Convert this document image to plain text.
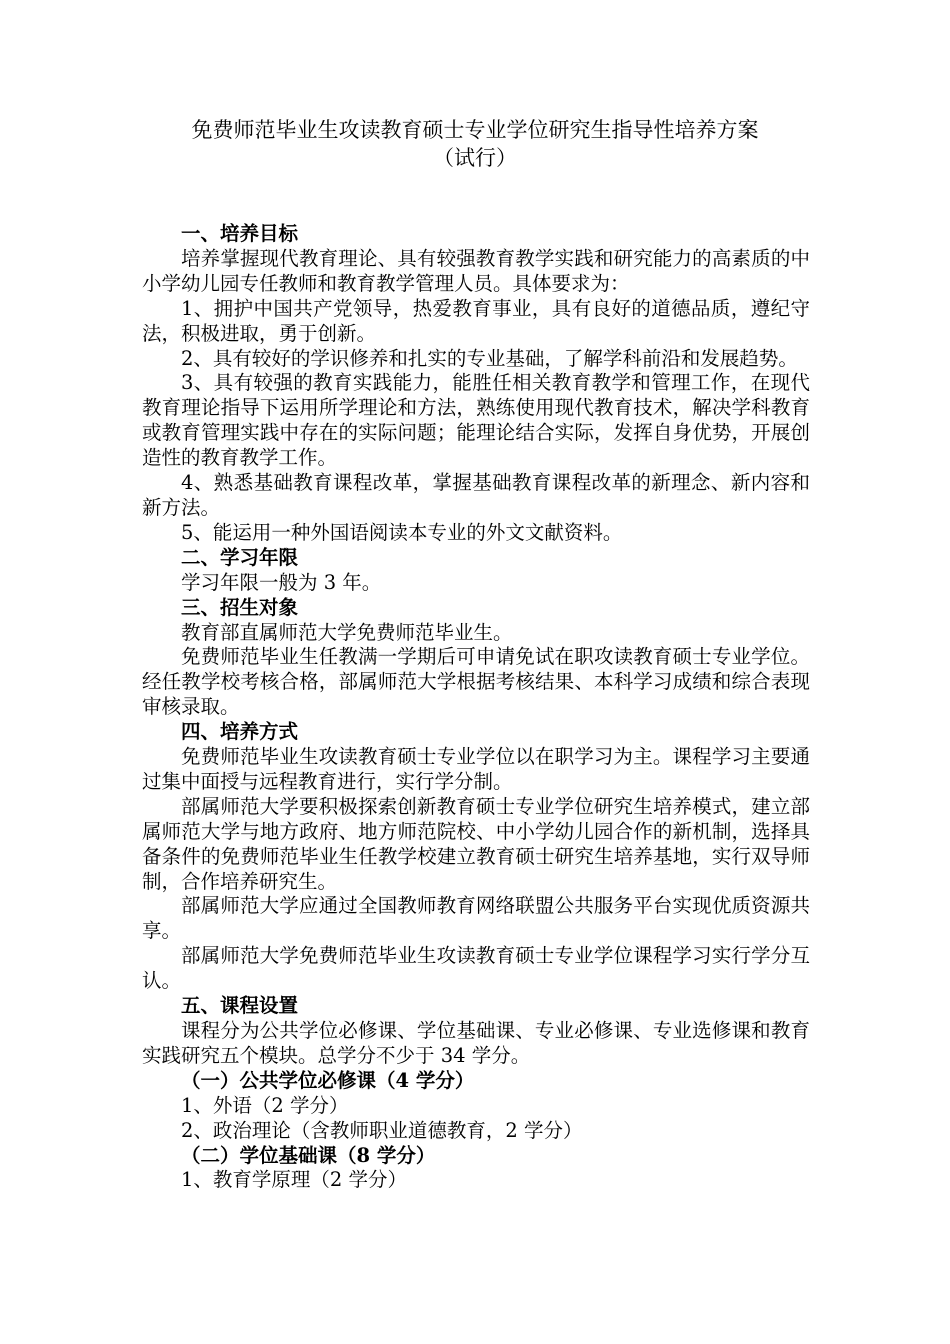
免费师范毕业生攻读教育硕士专业学位研究生指导性培养方案
（试行）

一、培养目标

培养掌握现代教育理论、具有较强教育教学实践和研究能力的高素质的中小学幼儿园专任教师和教育教学管理人员。具体要求为：

1、拥护中国共产党领导，热爱教育事业，具有良好的道德品质，遵纪守法，积极进取，勇于创新。

2、具有较好的学识修养和扎实的专业基础，了解学科前沿和发展趋势。

3、具有较强的教育实践能力，能胜任相关教育教学和管理工作，在现代教育理论指导下运用所学理论和方法，熟练使用现代教育技术，解决学科教育或教育管理实践中存在的实际问题；能理论结合实际，发挥自身优势，开展创造性的教育教学工作。

4、熟悉基础教育课程改革，掌握基础教育课程改革的新理念、新内容和新方法。

5、能运用一种外国语阅读本专业的外文文献资料。

二、学习年限

学习年限一般为 3 年。

三、招生对象

教育部直属师范大学免费师范毕业生。

免费师范毕业生任教满一学期后可申请免试在职攻读教育硕士专业学位。经任教学校考核合格，部属师范大学根据考核结果、本科学习成绩和综合表现审核录取。

四、培养方式

免费师范毕业生攻读教育硕士专业学位以在职学习为主。课程学习主要通过集中面授与远程教育进行，实行学分制。

部属师范大学要积极探索创新教育硕士专业学位研究生培养模式，建立部属师范大学与地方政府、地方师范院校、中小学幼儿园合作的新机制，选择具备条件的免费师范毕业生任教学校建立教育硕士研究生培养基地，实行双导师制，合作培养研究生。

部属师范大学应通过全国教师教育网络联盟公共服务平台实现优质资源共享。

部属师范大学免费师范毕业生攻读教育硕士专业学位课程学习实行学分互认。

五、课程设置

课程分为公共学位必修课、学位基础课、专业必修课、专业选修课和教育实践研究五个模块。总学分不少于 34 学分。

（一）公共学位必修课（4 学分）

1、外语（2 学分）

2、政治理论（含教师职业道德教育，2 学分）

（二）学位基础课（8 学分）

1、教育学原理（2 学分）
